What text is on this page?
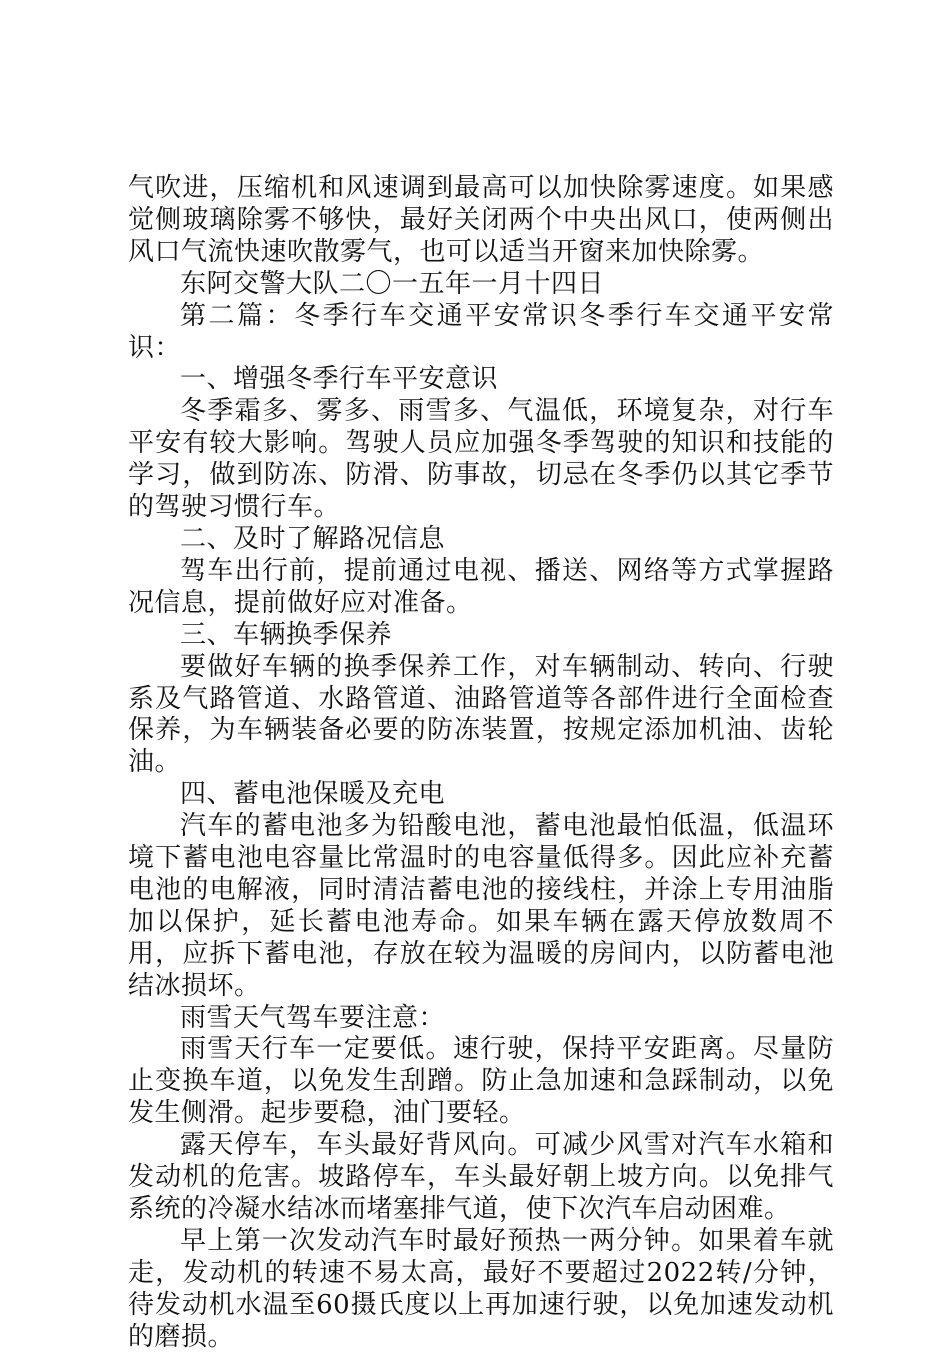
气吹进，压缩机和风速调到最高可以加快除雾速度。如果感觉侧玻璃除雾不够快，最好关闭两个中央出风口，使两侧出风口气流快速吹散雾气，也可以适当开窗来加快除雾。

东阿交警大队二〇一五年一月十四日

第二篇：冬季行车交通平安常识冬季行车交通平安常识：

一、增强冬季行车平安意识

冬季霜多、雾多、雨雪多、气温低，环境复杂，对行车平安有较大影响。驾驶人员应加强冬季驾驶的知识和技能的学习，做到防冻、防滑、防事故，切忌在冬季仍以其它季节的驾驶习惯行车。

二、及时了解路况信息

驾车出行前，提前通过电视、播送、网络等方式掌握路况信息，提前做好应对准备。

三、车辆换季保养

要做好车辆的换季保养工作，对车辆制动、转向、行驶系及气路管道、水路管道、油路管道等各部件进行全面检查保养，为车辆装备必要的防冻装置，按规定添加机油、齿轮油。

四、蓄电池保暖及充电

汽车的蓄电池多为铅酸电池，蓄电池最怕低温，低温环境下蓄电池电容量比常温时的电容量低得多。因此应补充蓄电池的电解液，同时清洁蓄电池的接线柱，并涂上专用油脂加以保护，延长蓄电池寿命。如果车辆在露天停放数周不用，应拆下蓄电池，存放在较为温暖的房间内，以防蓄电池结冰损坏。

雨雪天气驾车要注意：

雨雪天行车一定要低。速行驶，保持平安距离。尽量防止变换车道，以免发生刮蹭。防止急加速和急踩制动，以免发生侧滑。起步要稳，油门要轻。

露天停车，车头最好背风向。可减少风雪对汽车水箱和发动机的危害。坡路停车，车头最好朝上坡方向。以免排气系统的冷凝水结冰而堵塞排气道，使下次汽车启动困难。

早上第一次发动汽车时最好预热一两分钟。如果着车就走，发动机的转速不易太高，最好不要超过2022转/分钟，待发动机水温至60摄氏度以上再加速行驶，以免加速发动机的磨损。
